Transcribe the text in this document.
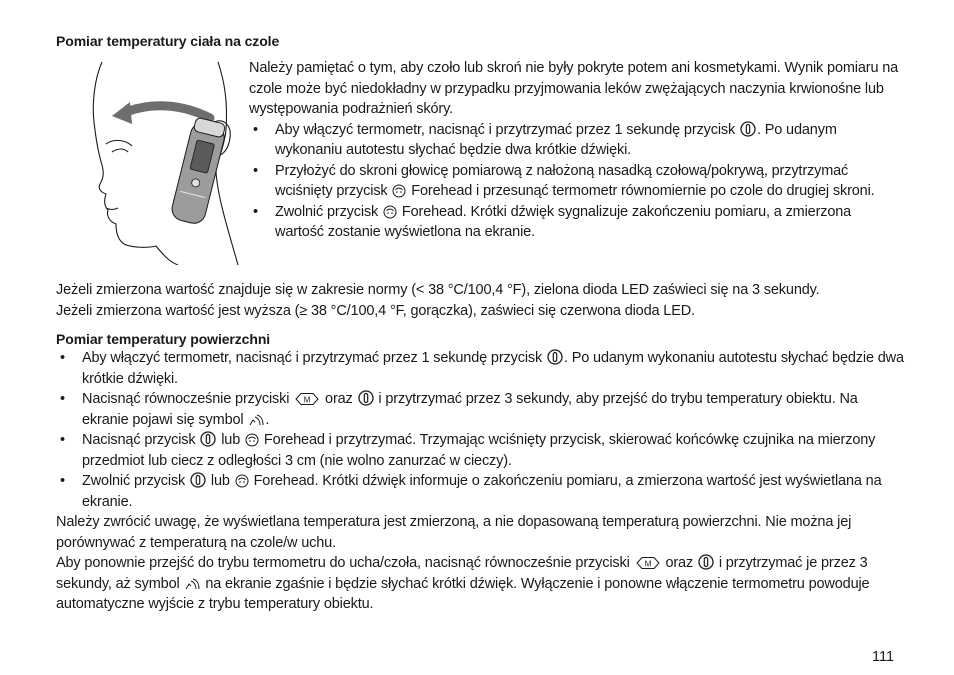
Pomiar temperatury ciała na czole

Należy pamiętać o tym, aby czoło lub skroń nie były pokryte potem ani kosmetykami. Wynik pomiaru na czole może być niedokładny w przypadku przyjmowania leków zwężających naczynia krwionośne lub występowania podrażnień skóry.

• Aby włączyć termometr, nacisnąć i przytrzymać przez 1 sekundę przycisk . Po udanym wykonaniu autotestu słychać będzie dwa krótkie dźwięki.
• Przyłożyć do skroni głowicę pomiarową z nałożoną nasadką czołową/pokrywą, przytrzymać wciśnięty przycisk  Forehead i przesunąć termometr równomiernie po czole do drugiej skroni.
• Zwolnić przycisk  Forehead. Krótki dźwięk sygnalizuje zakończeniu pomiaru, a zmierzona wartość zostanie wyświetlona na ekranie.

Jeżeli zmierzona wartość znajduje się w zakresie normy (< 38 °C/100,4 °F), zielona dioda LED zaświeci się na 3 sekundy.

Jeżeli zmierzona wartość jest wyższa (≥ 38 °C/100,4 °F, gorączka), zaświeci się czerwona dioda LED.

Pomiar temperatury powierzchni
• Aby włączyć termometr, nacisnąć i przytrzymać przez 1 sekundę przycisk . Po udanym wykonaniu autotestu słychać będzie dwa krótkie dźwięki.
• Nacisnąć równocześnie przyciski M oraz  i przytrzymać przez 3 sekundy, aby przejść do trybu temperatury obiektu. Na ekranie pojawi się symbol .
• Nacisnąć przycisk  lub  Forehead i przytrzymać. Trzymając wciśnięty przycisk, skierować końcówkę czujnika na mierzony przedmiot lub ciecz z odległości 3 cm (nie wolno zanurzać w cieczy).
• Zwolnić przycisk  lub  Forehead. Krótki dźwięk informuje o zakończeniu pomiaru, a zmierzona wartość jest wyświetlana na ekranie.

Należy zwrócić uwagę, że wyświetlana temperatura jest zmierzoną, a nie dopasowaną temperaturą powierzchni. Nie można jej porównywać z temperaturą na czole/w uchu.

Aby ponownie przejść do trybu termometru do ucha/czoła, nacisnąć równocześnie przyciski M oraz  i przytrzymać je przez 3 sekundy, aż symbol  na ekranie zgaśnie i będzie słychać krótki dźwięk. Wyłączenie i ponowne włączenie termometru powoduje automatyczne wyjście z trybu temperatury obiektu.

111
